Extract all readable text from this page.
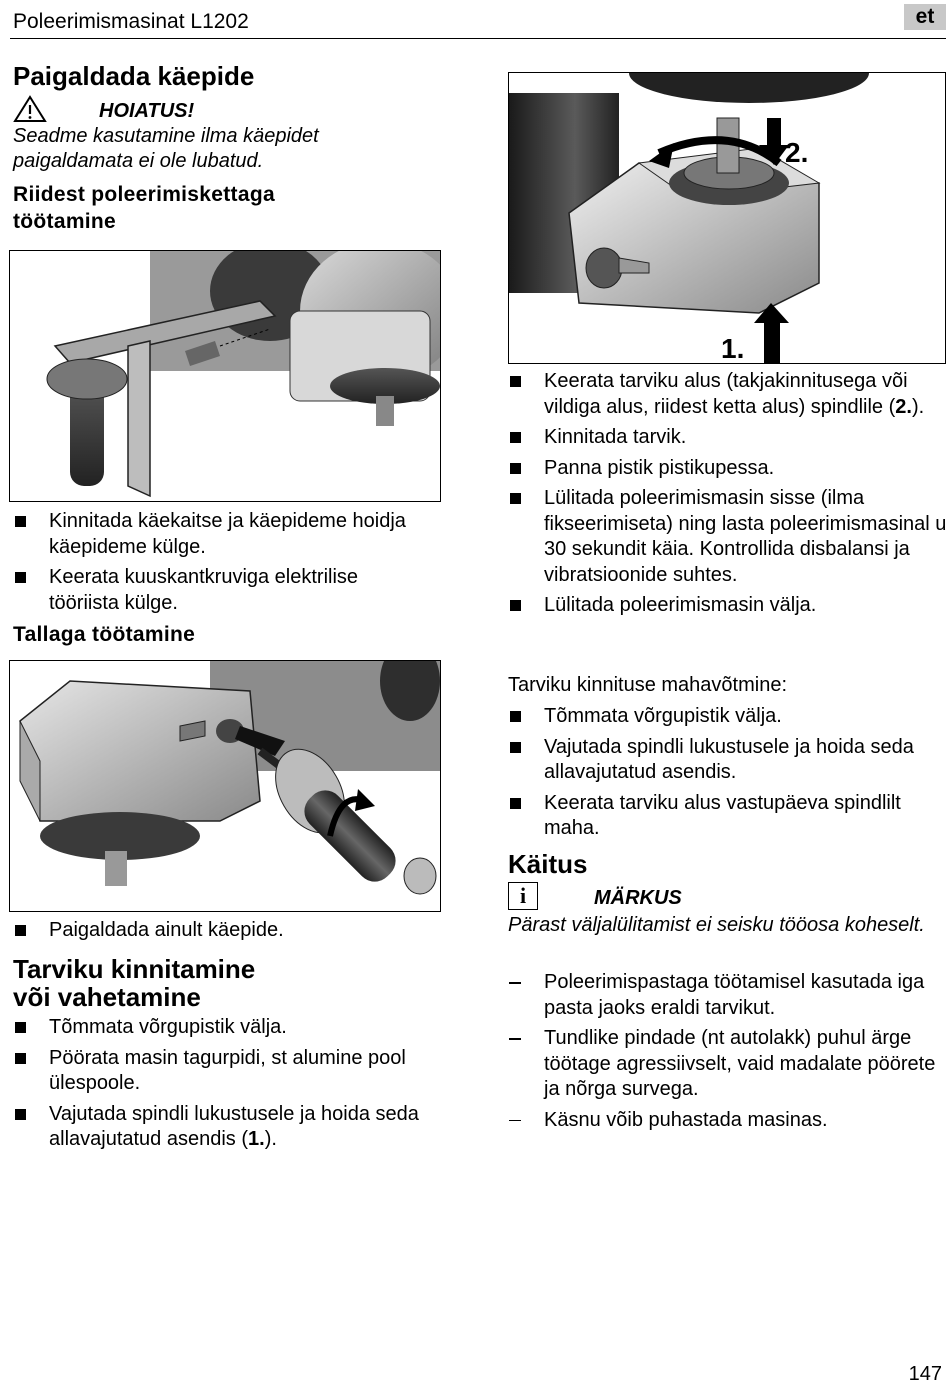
Poleerimismasinat L1202	et
Paigaldada käepide
HOIATUS!
Seadme kasutamine ilma käepidet paigaldamata ei ole lubatud.
Riidest poleerimiskettaga töötamine
Kinnitada käekaitse ja käepideme hoidja käepideme külge.
Keerata kuuskantkruviga elektrilise tööriista külge.
Tallaga töötamine
Paigaldada ainult käepide.
Tarviku kinnitamine
või vahetamine
Tõmmata võrgupistik välja.
Pöörata masin tagurpidi, st alumine pool ülespoole.
Vajutada spindli lukustusele ja hoida seda allavajutatud asendis (1.).
2.
1.
Keerata tarviku alus (takjakinnitusega või vildiga alus, riidest ketta alus) spindlile (2.).
Kinnitada tarvik.
Panna pistik pistikupessa.
Lülitada poleerimismasin sisse (ilma fikseerimiseta) ning lasta poleerimismasinal u 30 sekundit käia. Kontrollida disbalansi ja vibratsioonide suhtes.
Lülitada poleerimismasin välja.
Tarviku kinnituse mahavõtmine:
Tõmmata võrgupistik välja.
Vajutada spindli lukustusele ja hoida seda allavajutatud asendis.
Keerata tarviku alus vastupäeva spindlilt maha.
Käitus
i	MÄRKUS
Pärast väljalülitamist ei seisku tööosa koheselt.
Poleerimispastaga töötamisel kasutada iga pasta jaoks eraldi tarvikut.
Tundlike pindade (nt autolakk) puhul ärge töötage agressiivselt, vaid madalate pöörete ja nõrga survega.
Käsnu võib puhastada masinas.
147
